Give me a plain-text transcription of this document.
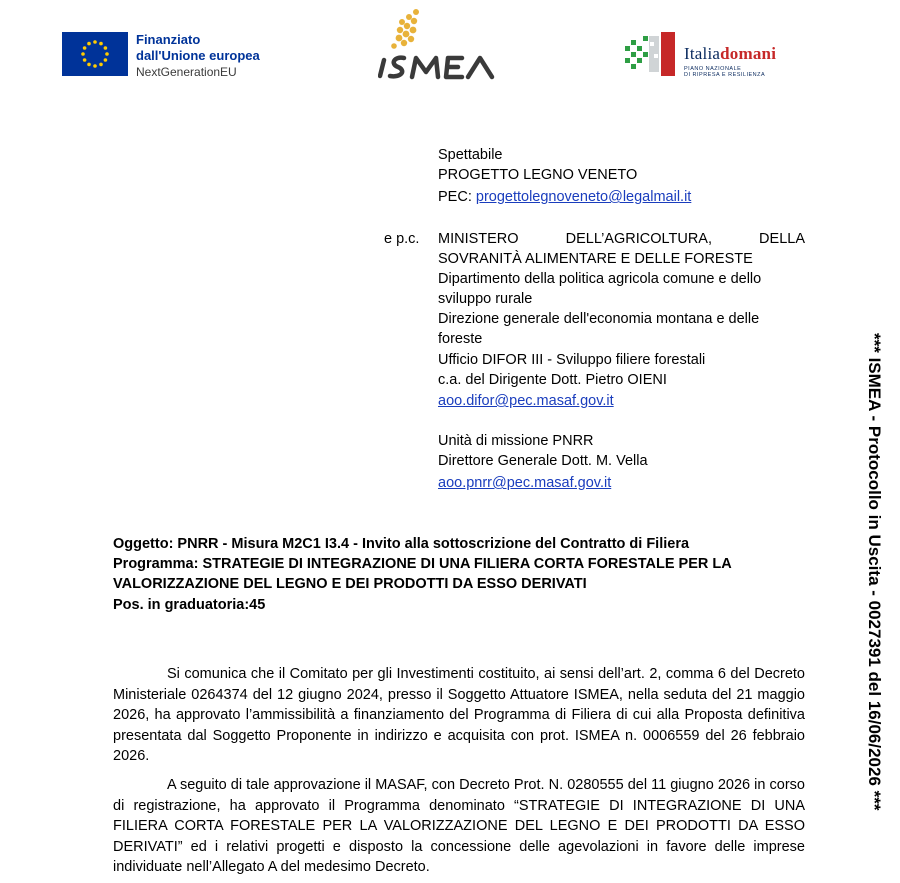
Finanziato
dall'Unione europea
NextGenerationEU
Italiadomani
PIANO NAZIONALE
DI RIPRESA E RESILIENZA
Spettabile
PROGETTO LEGNO VENETO
PEC: progettolegnoveneto@legalmail.it
e p.c. MINISTERO	DELL’AGRICOLTURA,	DELLA
SOVRANITÀ ALIMENTARE E DELLE FORESTE
Dipartimento della politica agricola comune e dello
sviluppo rurale
Direzione generale dell'economia montana e delle
foreste
Ufficio DIFOR III - Sviluppo filiere forestali
c.a. del Dirigente Dott. Pietro OIENI
aoo.difor@pec.masaf.gov.it
Unità di missione PNRR
Direttore Generale Dott. M. Vella
aoo.pnrr@pec.masaf.gov.it
Oggetto: PNRR - Misura M2C1 I3.4 - Invito alla sottoscrizione del Contratto di Filiera
Programma: STRATEGIE DI INTEGRAZIONE DI UNA FILIERA CORTA FORESTALE PER LA
VALORIZZAZIONE DEL LEGNO E DEI PRODOTTI DA ESSO DERIVATI
Pos. in graduatoria:45
Si comunica che il Comitato per gli Investimenti costituito, ai sensi dell’art. 2, comma 6 del Decreto Ministeriale 0264374 del 12 giugno 2024, presso il Soggetto Attuatore ISMEA, nella seduta del 21 maggio 2026, ha approvato l’ammissibilità a finanziamento del Programma di Filiera di cui alla Proposta definitiva presentata dal Soggetto Proponente in indirizzo e acquisita con prot. ISMEA n. 0006559 del 26 febbraio 2026.
A seguito di tale approvazione il MASAF, con Decreto Prot. N. 0280555 del 11 giugno 2026 in corso di registrazione, ha approvato il Programma denominato “STRATEGIE DI INTEGRAZIONE DI UNA FILIERA CORTA FORESTALE PER LA VALORIZZAZIONE DEL LEGNO E DEI PRODOTTI DA ESSO DERIVATI” ed i relativi progetti e disposto la concessione delle agevolazioni in favore delle imprese individuate nell’Allegato A del medesimo Decreto.
*** ISMEA - Protocollo in Uscita - 0027391 del 16/06/2026 ***
